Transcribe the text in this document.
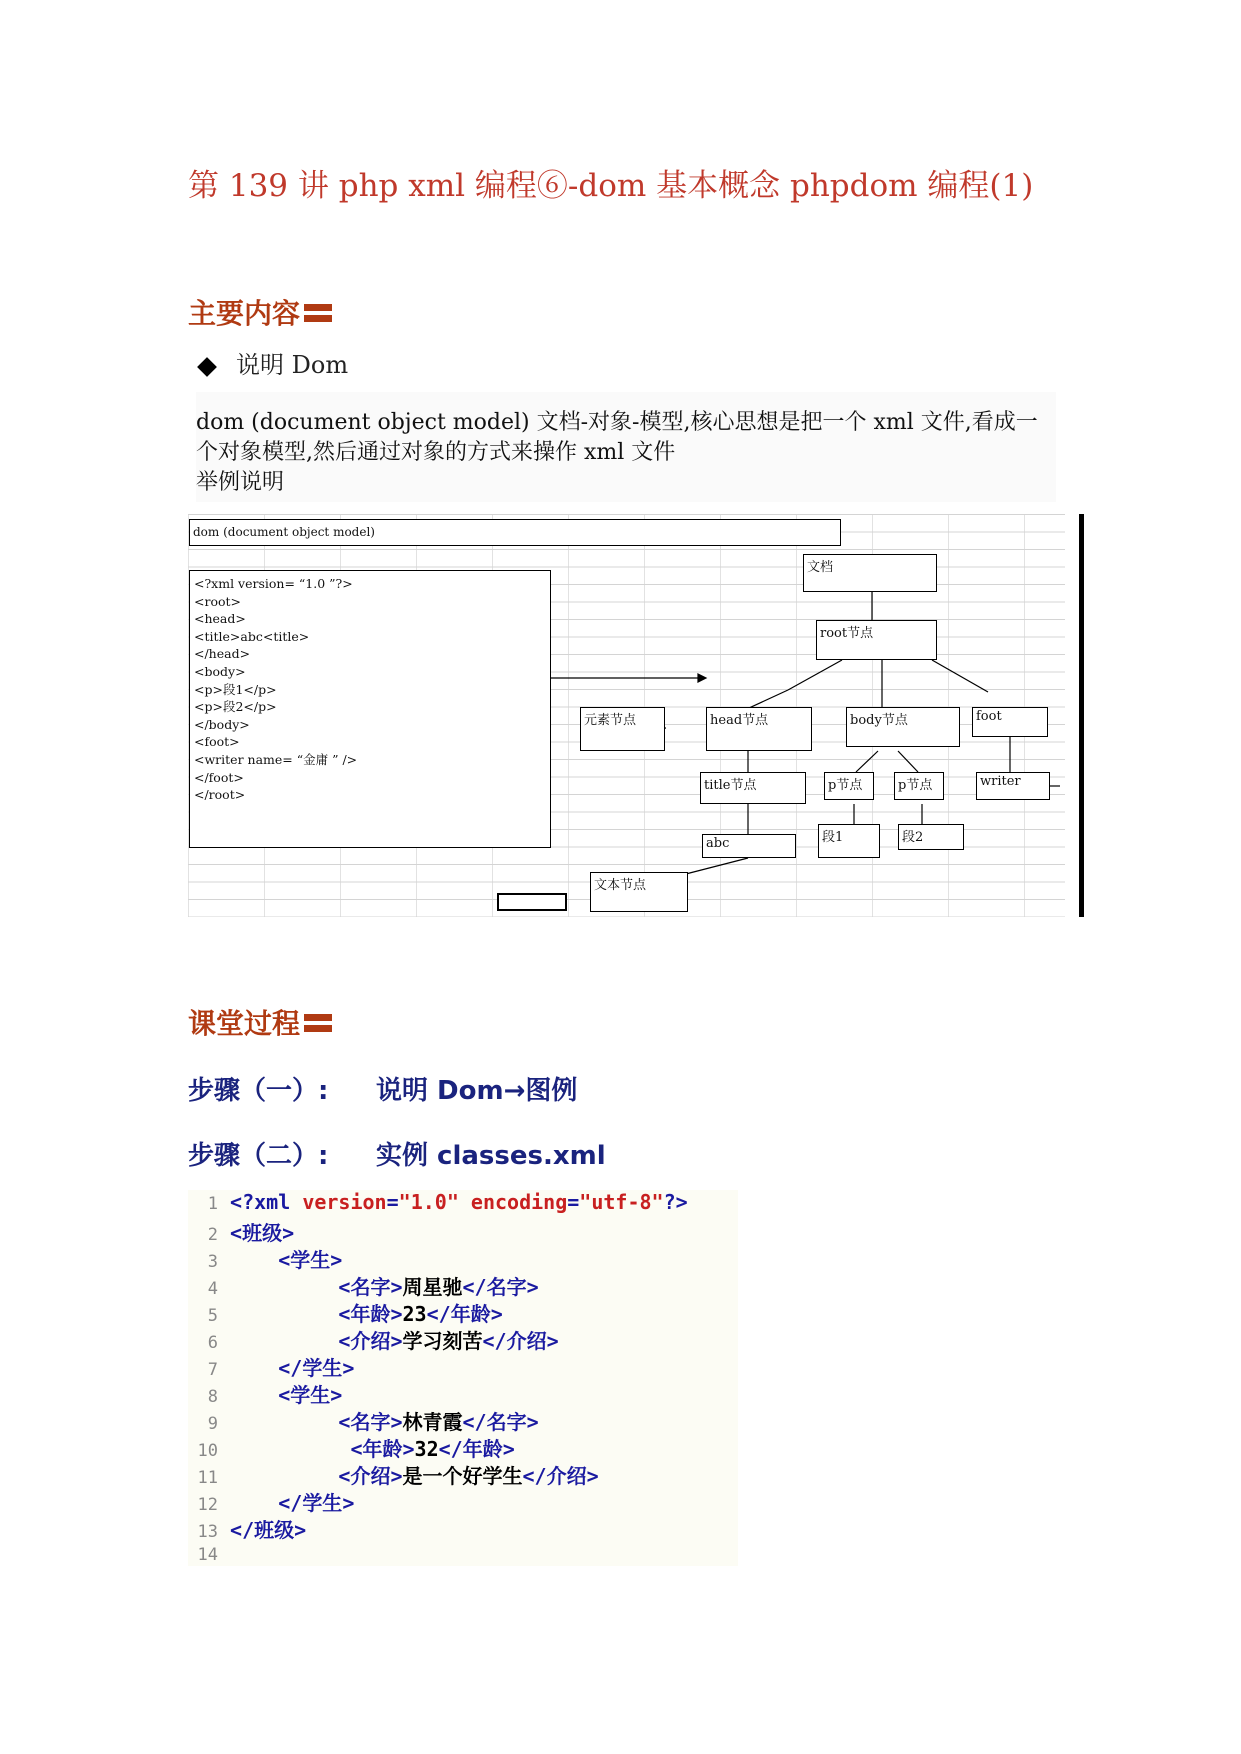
第 139 讲 php xml 编程⑥-dom 基本概念 phpdom 编程(1)
主要内容
说明 Dom

dom (document object model) 文档-对象-模型,核心思想是把一个 xml 文件,看成一

个对象模型,然后通过对象的方式来操作 xml 文件

举例说明

dom (document object model)
<?xml version= “1.0 ”?>
<root>
<head>
<title>abc<title>
</head>
<body>
<p>段1</p>
<p>段2</p>
</body>
<foot>
<writer name= “金庸 ” />
</foot>
</root>
文档
root节点
元素节点	head节点	body节点	foot
title节点	p节点	p节点	writer
abc	段1	段2
文本节点
课堂过程
步骤（一）: 说明 Dom→图例
步骤（二）: 实例 classes.xml
1 <?xml version="1.0" encoding="utf-8"?>
2 <班级>
3	<学生>
4	<名字>周星驰</名字>
5	<年龄>23</年龄>
6	<介绍>学习刻苦</介绍>
7	</学生>
8	<学生>
9	<名字>林青霞</名字>
10	<年龄>32</年龄>
11	<介绍>是一个好学生</介绍>
12	</学生>
13 </班级>
14
